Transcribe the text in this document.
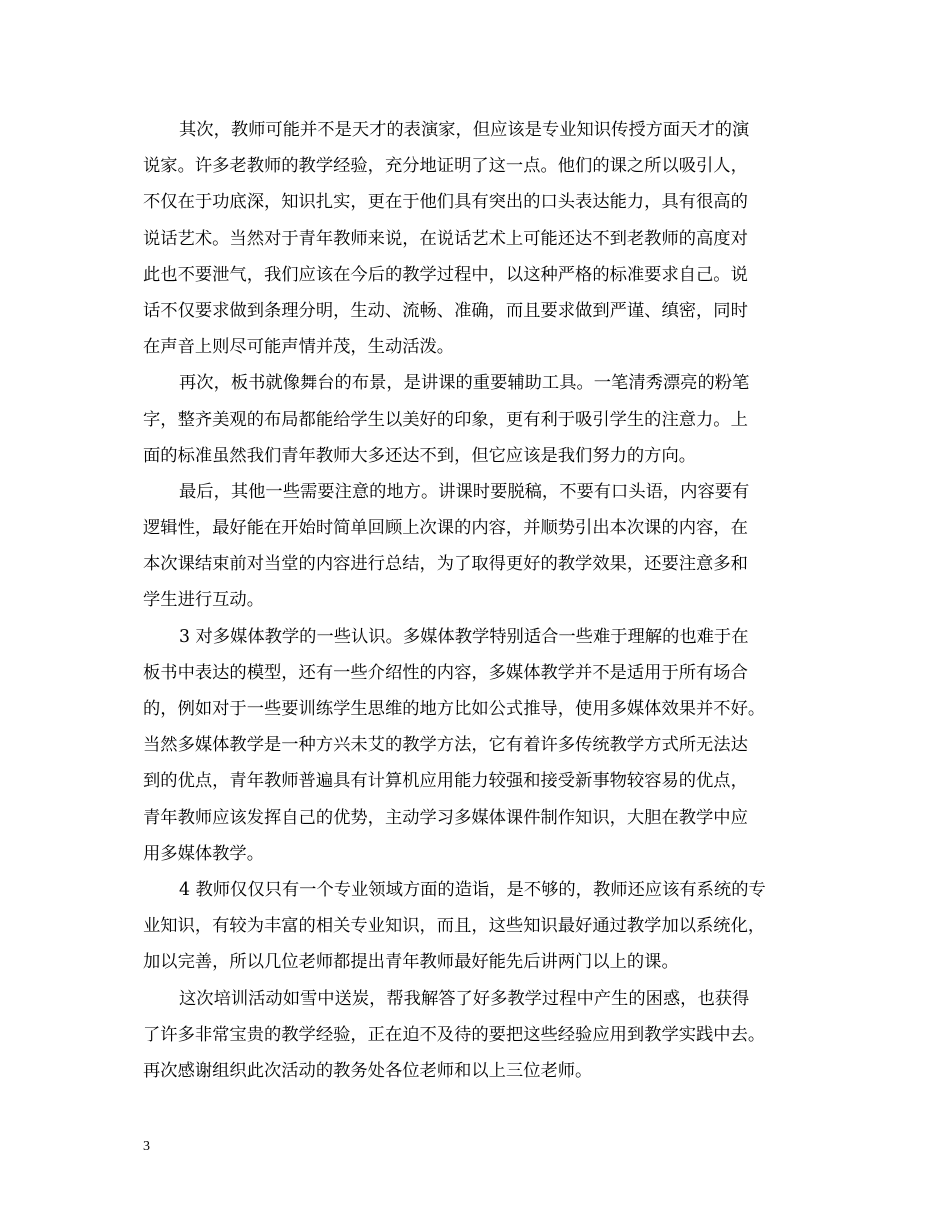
其次，教师可能并不是天才的表演家，但应该是专业知识传授方面天才的演
说家。许多老教师的教学经验，充分地证明了这一点。他们的课之所以吸引人，
不仅在于功底深，知识扎实，更在于他们具有突出的口头表达能力，具有很高的
说话艺术。当然对于青年教师来说，在说话艺术上可能还达不到老教师的高度对
此也不要泄气，我们应该在今后的教学过程中，以这种严格的标准要求自己。说
话不仅要求做到条理分明，生动、流畅、准确，而且要求做到严谨、缜密，同时
在声音上则尽可能声情并茂，生动活泼。
再次，板书就像舞台的布景，是讲课的重要辅助工具。一笔清秀漂亮的粉笔
字，整齐美观的布局都能给学生以美好的印象，更有利于吸引学生的注意力。上
面的标准虽然我们青年教师大多还达不到，但它应该是我们努力的方向。
最后，其他一些需要注意的地方。讲课时要脱稿，不要有口头语，内容要有
逻辑性，最好能在开始时简单回顾上次课的内容，并顺势引出本次课的内容，在
本次课结束前对当堂的内容进行总结，为了取得更好的教学效果，还要注意多和
学生进行互动。
3 对多媒体教学的一些认识。多媒体教学特别适合一些难于理解的也难于在
板书中表达的模型，还有一些介绍性的内容，多媒体教学并不是适用于所有场合
的，例如对于一些要训练学生思维的地方比如公式推导，使用多媒体效果并不好。
当然多媒体教学是一种方兴未艾的教学方法，它有着许多传统教学方式所无法达
到的优点，青年教师普遍具有计算机应用能力较强和接受新事物较容易的优点，
青年教师应该发挥自己的优势，主动学习多媒体课件制作知识，大胆在教学中应
用多媒体教学。
4 教师仅仅只有一个专业领域方面的造诣，是不够的，教师还应该有系统的专
业知识，有较为丰富的相关专业知识，而且，这些知识最好通过教学加以系统化，
加以完善，所以几位老师都提出青年教师最好能先后讲两门以上的课。
这次培训活动如雪中送炭，帮我解答了好多教学过程中产生的困惑，也获得
了许多非常宝贵的教学经验，正在迫不及待的要把这些经验应用到教学实践中去。
再次感谢组织此次活动的教务处各位老师和以上三位老师。
3
